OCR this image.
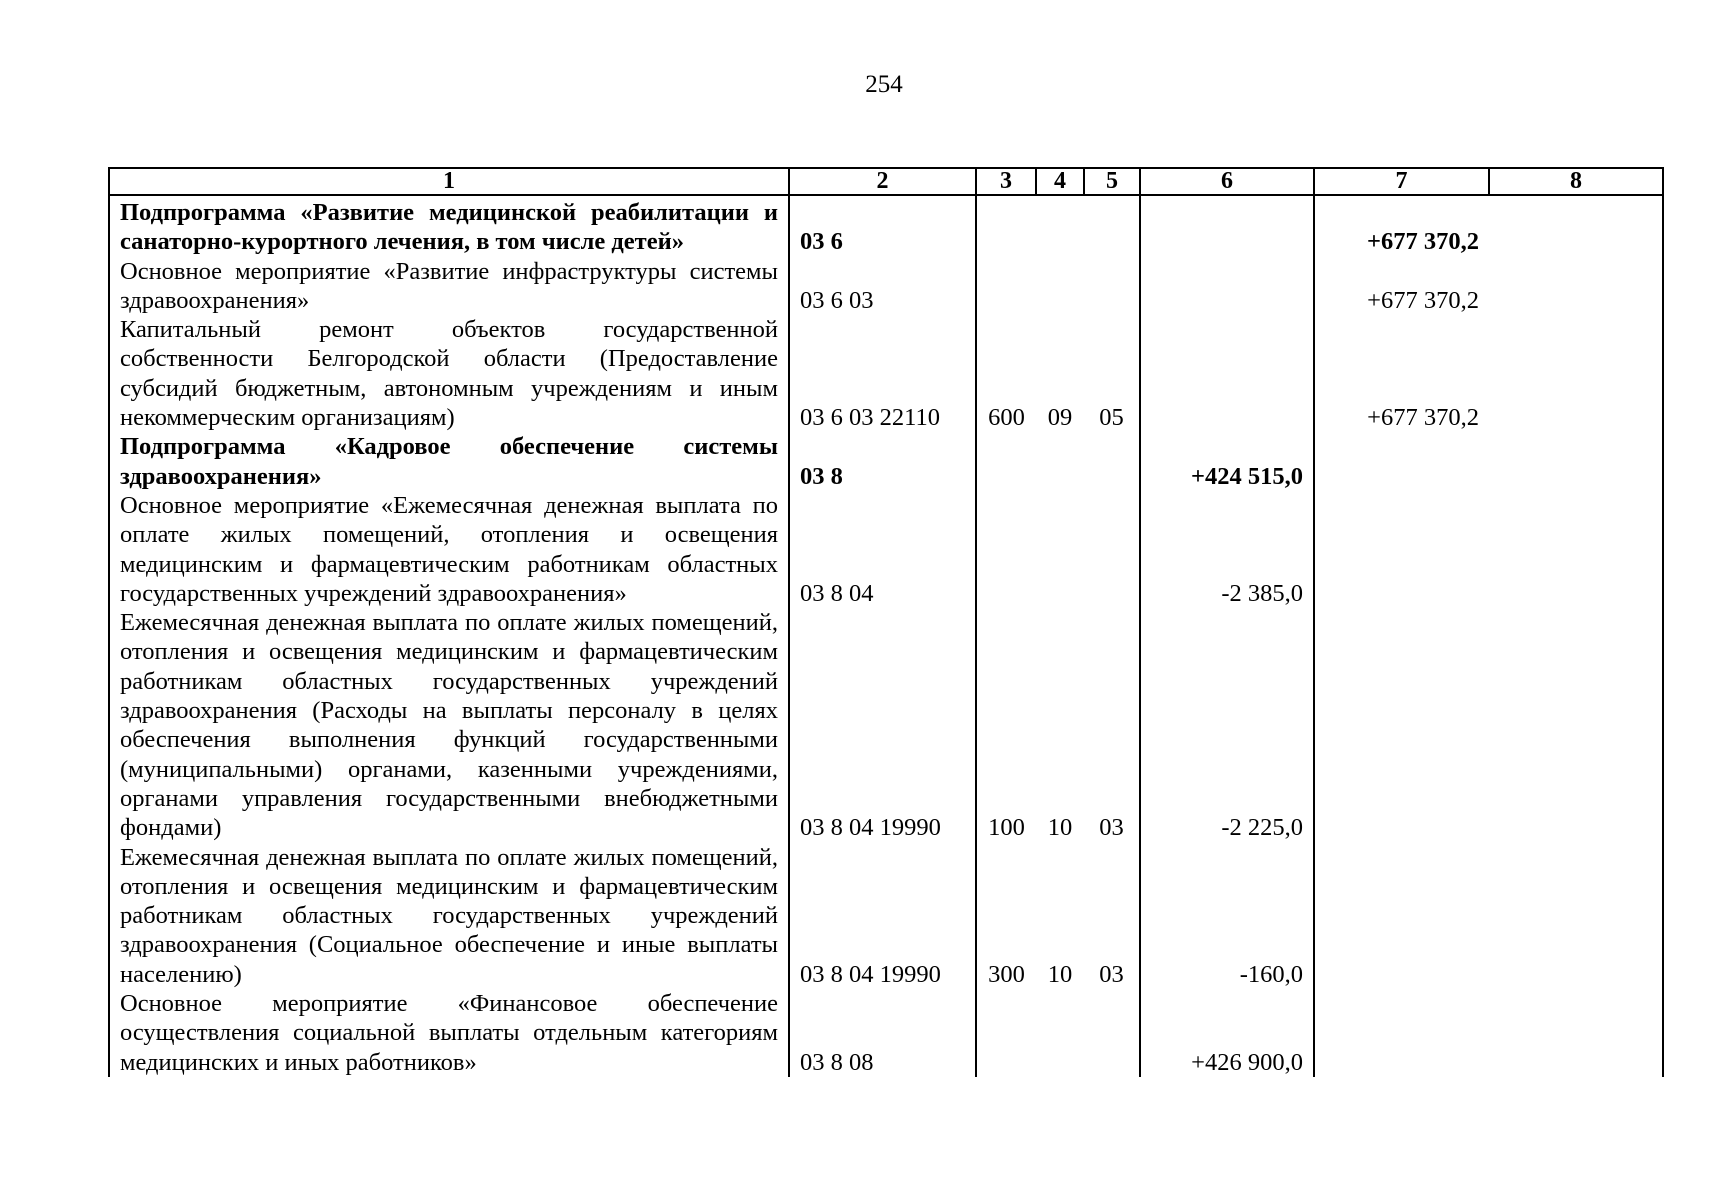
254
1	2	3	4	5	6	7	8

Подпрограмма «Развитие медицинской реабилитации и санаторно-курортного лечения, в том числе детей»	03 6					+677 370,2	
Основное мероприятие «Развитие инфраструктуры системы здравоохранения»	03 6 03					+677 370,2	
Капитальный ремонт объектов государственной собственности Белгородской области (Предоставление субсидий бюджетным, автономным учреждениям и иным некоммерческим организациям)	03 6 03 22110	600	09	05		+677 370,2	
Подпрограмма «Кадровое обеспечение системы здравоохранения»	03 8				+424 515,0		
Основное мероприятие «Ежемесячная денежная выплата по оплате жилых помещений, отопления и освещения медицинским и фармацевтическим работникам областных государственных учреждений здравоохранения»	03 8 04				-2 385,0		
Ежемесячная денежная выплата по оплате жилых помещений, отопления и освещения медицинским и фармацевтическим работникам областных государственных учреждений здравоохранения (Расходы на выплаты персоналу в целях обеспечения выполнения функций государственными (муниципальными) органами, казенными учреждениями, органами управления государственными внебюджетными фондами)	03 8 04 19990	100	10	03	-2 225,0		
Ежемесячная денежная выплата по оплате жилых помещений, отопления и освещения медицинским и фармацевтическим работникам областных государственных учреждений здравоохранения (Социальное обеспечение и иные выплаты населению)	03 8 04 19990	300	10	03	-160,0		
Основное мероприятие «Финансовое обеспечение осуществления социальной выплаты отдельным категориям медицинских и иных работников»	03 8 08				+426 900,0		
